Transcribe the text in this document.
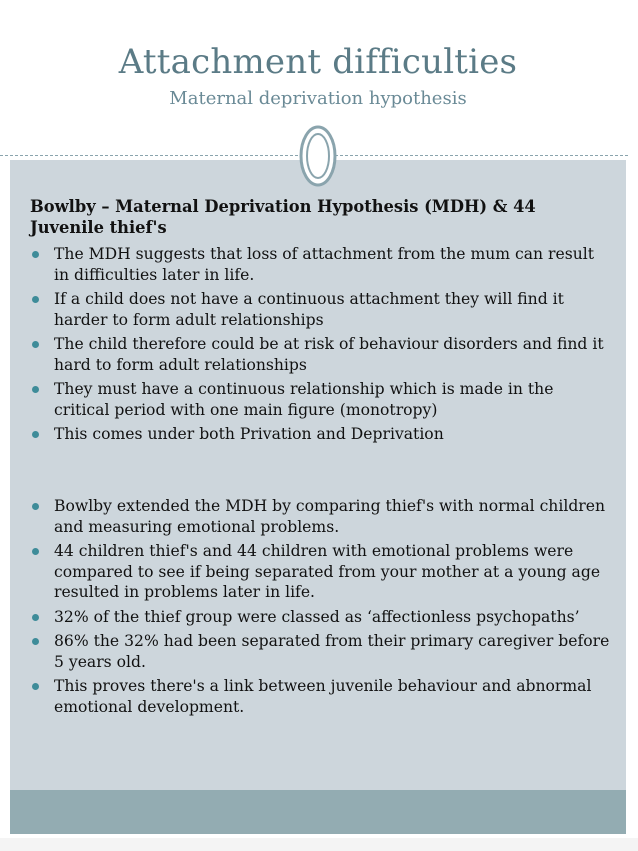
Attachment difficulties
Maternal deprivation hypothesis
Bowlby – Maternal Deprivation Hypothesis (MDH) & 44 Juvenile thief's
The MDH suggests that loss of attachment from the mum can result in difficulties later in life.
If a child does not have a continuous attachment they will find it harder to form adult relationships
The child therefore could be at risk of behaviour disorders and find it hard to form adult relationships
They must have a continuous relationship which is made in the critical period with one main figure (monotropy)
This comes under both Privation and Deprivation
Bowlby extended the MDH by comparing thief's with normal children and measuring emotional problems.
44 children thief's and 44 children with emotional problems were compared to see if being separated from your mother at a young age resulted in problems later in life.
32% of the thief group were classed as ‘affectionless psychopaths’
86% the 32% had been separated from their primary caregiver before 5 years old.
This proves there's a link between juvenile behaviour and abnormal emotional development.
